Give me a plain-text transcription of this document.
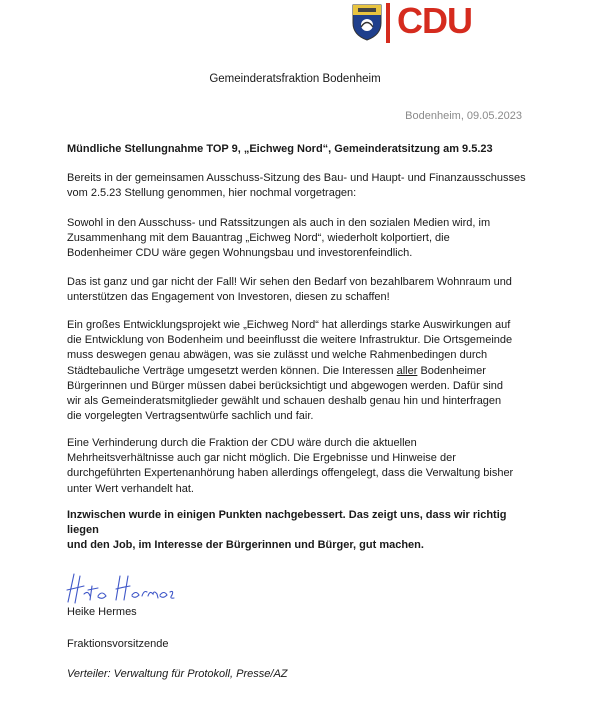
CDU
Gemeinderatsfraktion Bodenheim
Bodenheim, 09.05.2023
Mündliche Stellungnahme TOP 9, „Eichweg Nord“, Gemeinderatsitzung am 9.5.23
Bereits in der gemeinsamen Ausschuss-Sitzung des Bau- und Haupt- und Finanzausschusses
vom 2.5.23 Stellung genommen, hier nochmal vorgetragen:
Sowohl in den Ausschuss- und Ratssitzungen als auch in den sozialen Medien wird, im
Zusammenhang mit dem Bauantrag „Eichweg Nord“, wiederholt kolportiert, die
Bodenheimer CDU wäre gegen Wohnungsbau und investorenfeindlich.
Das ist ganz und gar nicht der Fall! Wir sehen den Bedarf von bezahlbarem Wohnraum und
unterstützen das Engagement von Investoren, diesen zu schaffen!
Ein großes Entwicklungsprojekt wie „Eichweg Nord“ hat allerdings starke Auswirkungen auf
die Entwicklung von Bodenheim und beeinflusst die weitere Infrastruktur. Die Ortsgemeinde
muss deswegen genau abwägen, was sie zulässt und welche Rahmenbedingen durch
Städtebauliche Verträge umgesetzt werden können. Die Interessen aller Bodenheimer
Bürgerinnen und Bürger müssen dabei berücksichtigt und abgewogen werden. Dafür sind
wir als Gemeinderatsmitglieder gewählt und schauen deshalb genau hin und hinterfragen
die vorgelegten Vertragsentwürfe sachlich und fair.
Eine Verhinderung durch die Fraktion der CDU wäre durch die aktuellen
Mehrheitsverhältnisse auch gar nicht möglich. Die Ergebnisse und Hinweise der
durchgeführten Expertenanhörung haben allerdings offengelegt, dass die Verwaltung bisher
unter Wert verhandelt hat.
Inzwischen wurde in einigen Punkten nachgebessert. Das zeigt uns, dass wir richtig liegen
und den Job, im Interesse der Bürgerinnen und Bürger, gut machen.
Heike Hermes
Fraktionsvorsitzende
Verteiler: Verwaltung für Protokoll, Presse/AZ
